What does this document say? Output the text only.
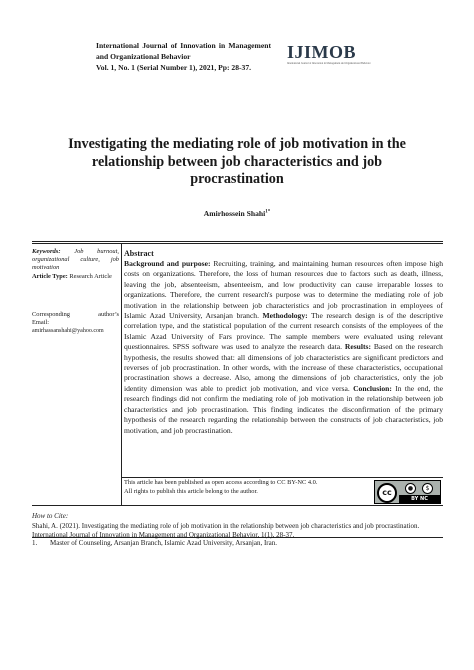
International Journal of Innovation in Management and Organizational Behavior
Vol. 1, No. 1 (Serial Number 1), 2021, Pp: 28-37.
IJIMOB
International Journal of Innovation in Management and Organizational Behavior
Investigating the mediating role of job motivation in the relationship between job characteristics and job procrastination
Amirhossein Shahi$^{1*}$
Keywords: Job burnout, organizational culture, job motivation
Article Type: Research Article
Corresponding author’s
Email:
amirhassanshahi@yahoo.com
Abstract
Background and purpose: Recruiting, training, and maintaining human resources often impose high costs on organizations. Therefore, the loss of human resources due to factors such as death, illness, leaving the job, absenteeism, absenteeism, and low productivity can cause irreparable losses to organizations. Therefore, the current research's purpose was to determine the mediating role of job motivation in the relationship between job characteristics and job procrastination in employees of Islamic Azad University, Arsanjan branch. Methodology: The research design is of the descriptive correlation type, and the statistical population of the current research consists of the employees of the Islamic Azad University of Fars province. The sample members were evaluated using relevant questionnaires. SPSS software was used to analyze the research data. Results: Based on the research hypothesis, the results showed that: all dimensions of job characteristics are significant predictors and reverses of job procrastination. In other words, with the increase of these characteristics, occupational procrastination shows a decrease. Also, among the dimensions of job characteristics, only the job identity dimension was able to predict job motivation, and vice versa. Conclusion: In the end, the research findings did not confirm the mediating role of job motivation in the relationship between job characteristics and job procrastination. This finding indicates the disconfirmation of the primary hypothesis of the research regarding the relationship between the constructs of job characteristics, job motivation, and job procrastination.
This article has been published as open access according to CC BY-NC 4.0.
All rights to publish this article belong to the author.	cc	●	$
BY NC
How to Cite:
Shahi, A. (2021). Investigating the mediating role of job motivation in the relationship between job characteristics and job procrastination. International Journal of Innovation in Management and Organizational Behavior, 1(1), 28-37.
1. Master of Counseling, Arsanjan Branch, Islamic Azad University, Arsanjan, Iran.
